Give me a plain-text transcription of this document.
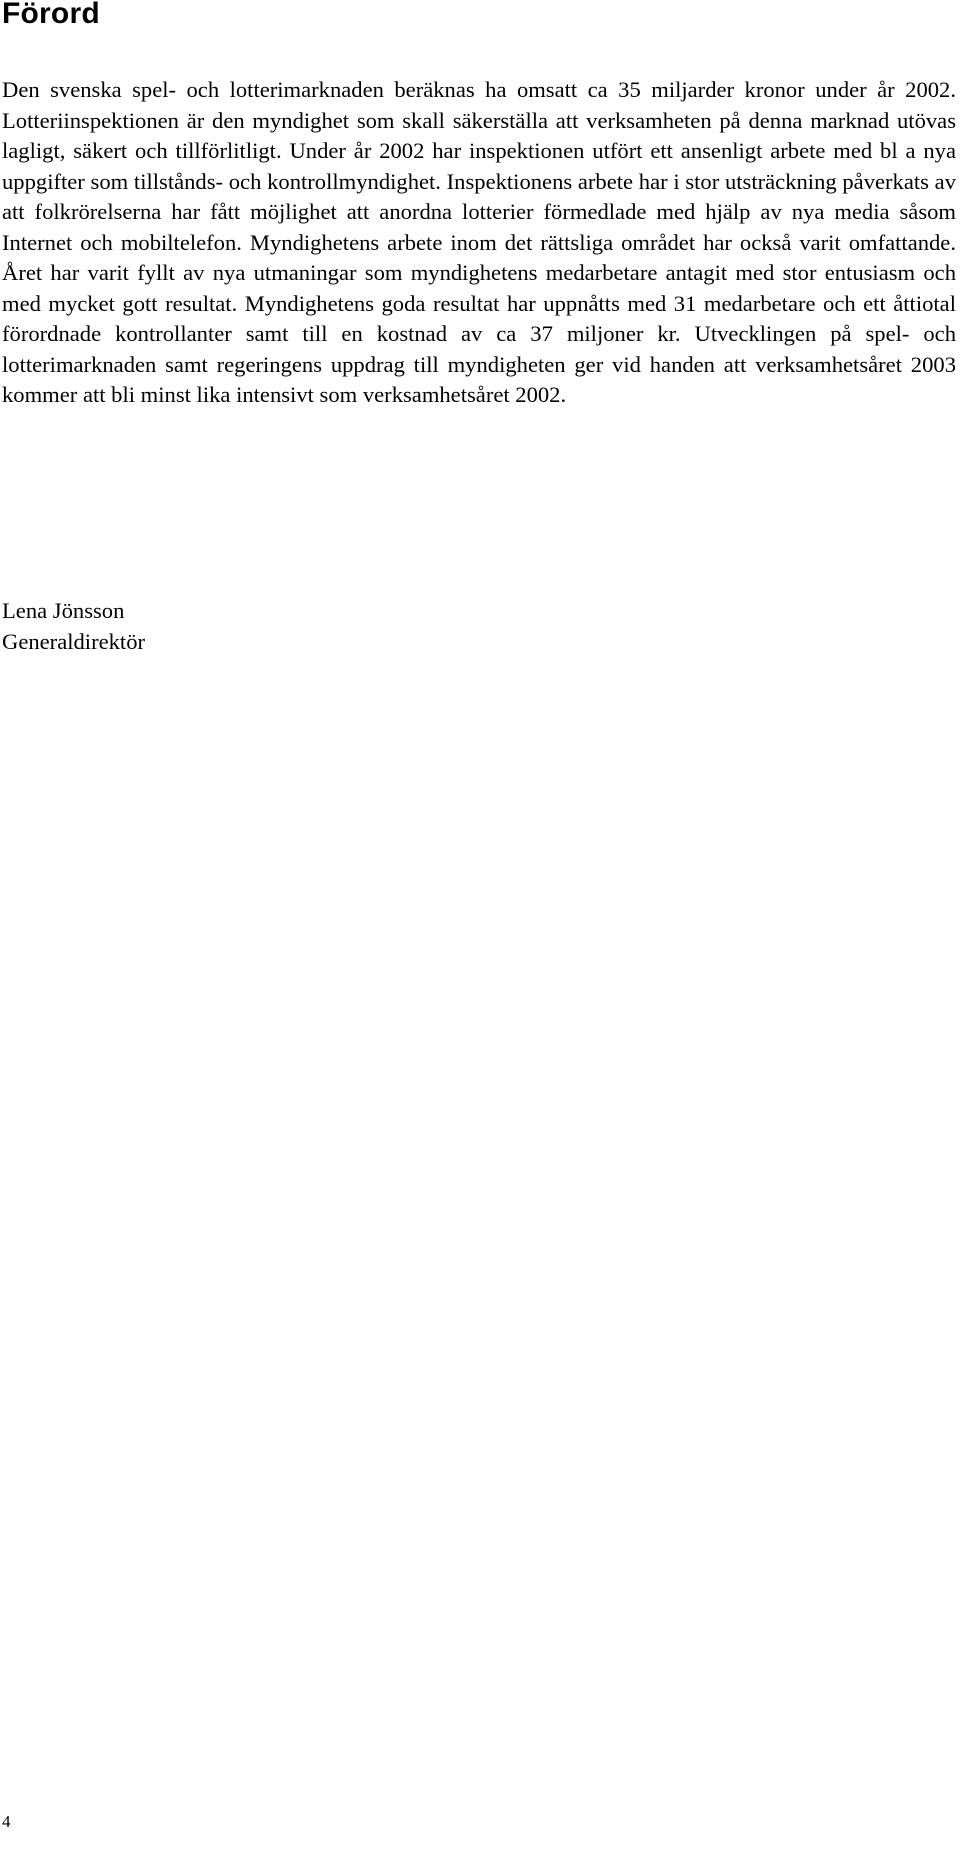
Förord

Den svenska spel- och lotterimarknaden beräknas ha omsatt ca 35 miljarder kronor under år 2002. Lotteriinspektionen är den myndighet som skall säkerställa att verksamheten på denna marknad utövas lagligt, säkert och tillförlitligt. Under år 2002 har inspektionen utfört ett ansenligt arbete med bl a nya uppgifter som tillstånds- och kontrollmyndighet. Inspektionens arbete har i stor utsträckning påverkats av att folkrörelserna har fått möjlighet att anordna lotterier förmedlade med hjälp av nya media såsom Internet och mobiltelefon. Myndighetens arbete inom det rättsliga området har också varit omfattande. Året har varit fyllt av nya utmaningar som myndighetens medarbetare antagit med stor entusiasm och med mycket gott resultat. Myndighetens goda resultat har uppnåtts med 31 medarbetare och ett åttiotal förordnade kontrollanter samt till en kostnad av ca 37 miljoner kr. Utvecklingen på spel- och lotterimarknaden samt regeringens uppdrag till myndigheten ger vid handen att verksamhetsåret 2003 kommer att bli minst lika intensivt som verksamhetsåret 2002.

Lena Jönsson
Generaldirektör
4
